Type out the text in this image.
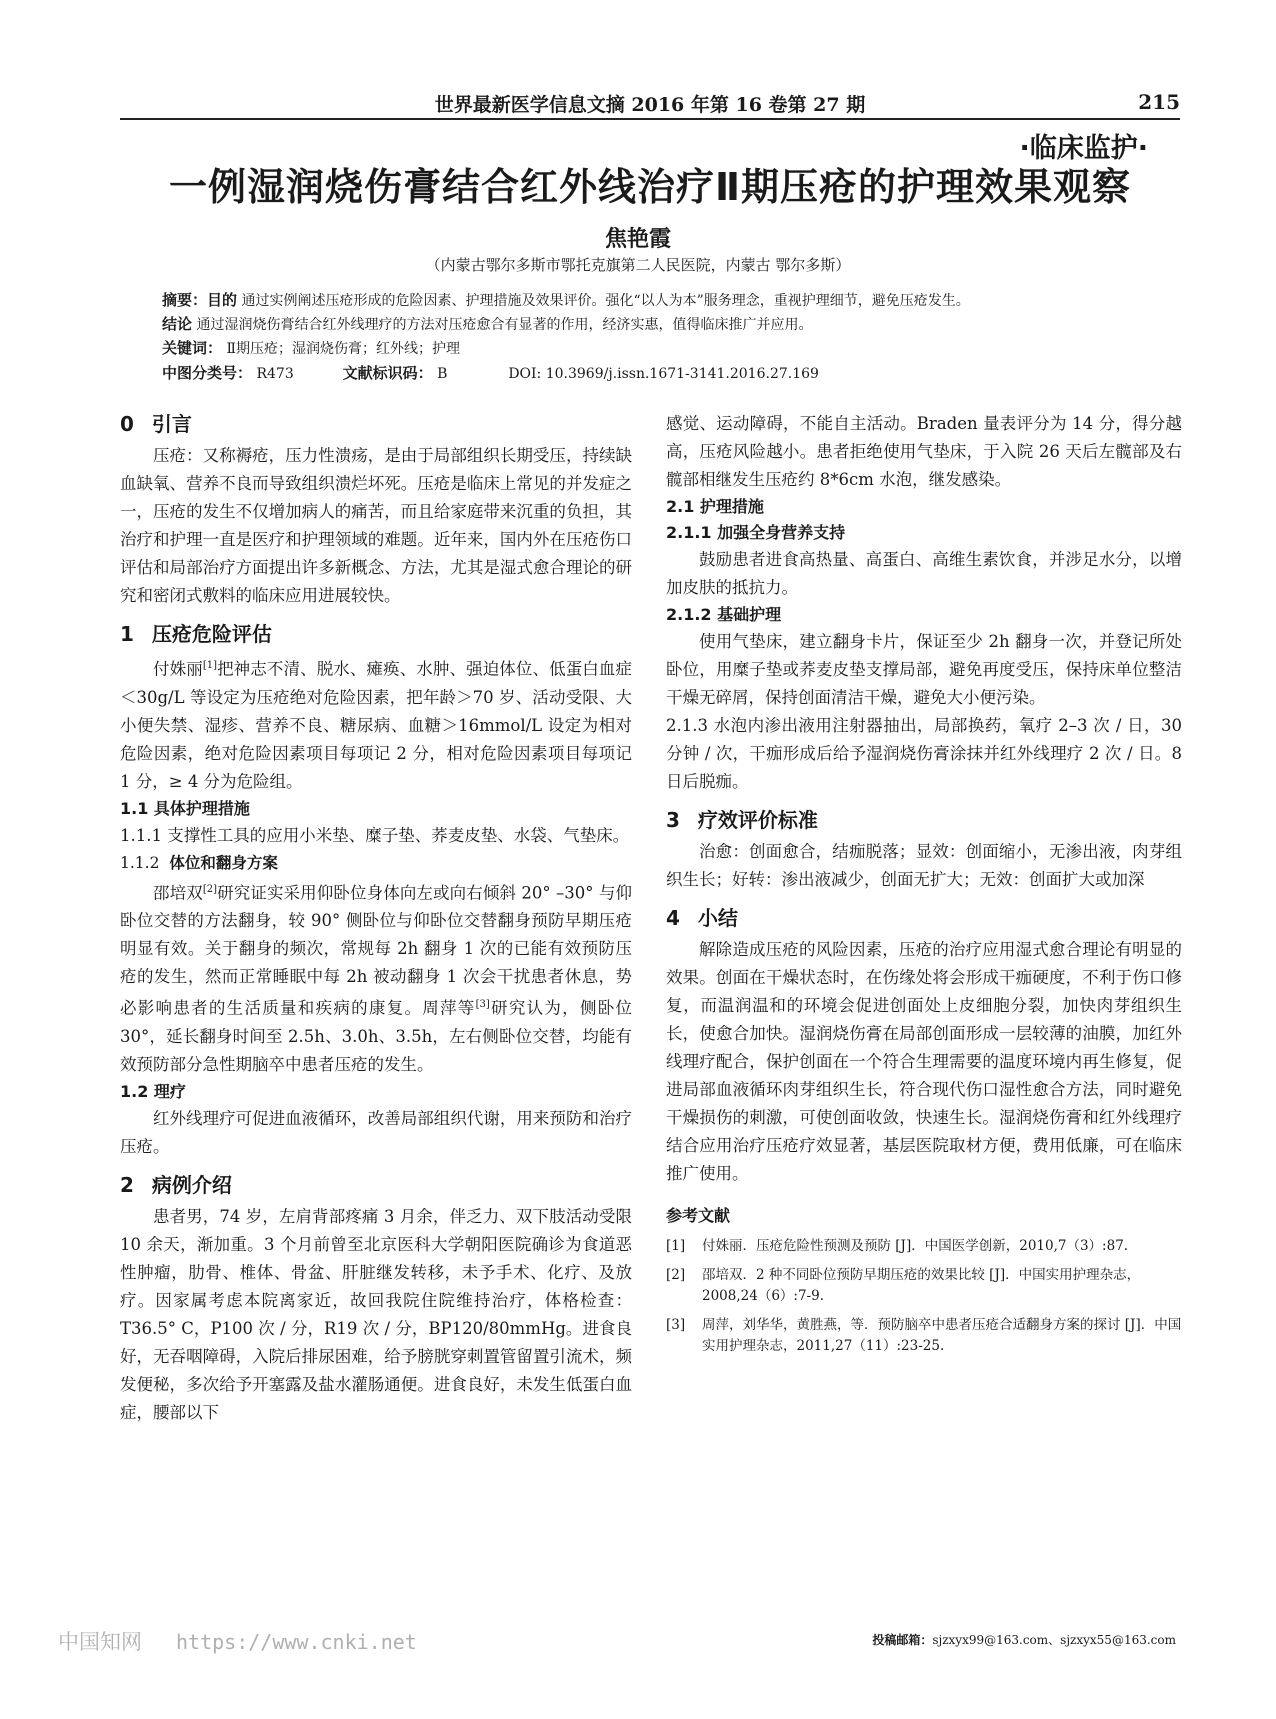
世界最新医学信息文摘 2016 年第 16 卷第 27 期	215
·临床监护·
一例湿润烧伤膏结合红外线治疗Ⅱ期压疮的护理效果观察
焦艳霞
（内蒙古鄂尔多斯市鄂托克旗第二人民医院，内蒙古 鄂尔多斯）
摘要：目的 通过实例阐述压疮形成的危险因素、护理措施及效果评价。强化“以人为本”服务理念，重视护理细节，避免压疮发生。
结论 通过湿润烧伤膏结合红外线理疗的方法对压疮愈合有显著的作用，经济实惠，值得临床推广并应用。
关键词： Ⅱ期压疮；湿润烧伤膏；红外线；护理
中图分类号： R473	文献标识码： B	DOI: 10.3969/j.issn.1671-3141.2016.27.169
0 引言

压疮：又称褥疮，压力性溃疡，是由于局部组织长期受压，持续缺血缺氧、营养不良而导致组织溃烂坏死。压疮是临床上常见的并发症之一，压疮的发生不仅增加病人的痛苦，而且给家庭带来沉重的负担，其治疗和护理一直是医疗和护理领域的难题。近年来，国内外在压疮伤口评估和局部治疗方面提出许多新概念、方法，尤其是湿式愈合理论的研究和密闭式敷料的临床应用进展较快。

1 压疮危险评估

付姝丽[1]把神志不清、脱水、瘫痪、水肿、强迫体位、低蛋白血症＜30g/L 等设定为压疮绝对危险因素，把年龄＞70 岁、活动受限、大小便失禁、湿疹、营养不良、糖尿病、血糖＞16mmol/L 设定为相对危险因素，绝对危险因素项目每项记 2 分，相对危险因素项目每项记 1 分，≥ 4 分为危险组。

1.1 具体护理措施

1.1.1 支撑性工具的应用小米垫、糜子垫、荞麦皮垫、水袋、气垫床。

1.1.2 体位和翻身方案

邵培双[2]研究证实采用仰卧位身体向左或向右倾斜 20° –30° 与仰卧位交替的方法翻身，较 90° 侧卧位与仰卧位交替翻身预防早期压疮明显有效。关于翻身的频次，常规每 2h 翻身 1 次的已能有效预防压疮的发生，然而正常睡眠中每 2h 被动翻身 1 次会干扰患者休息，势必影响患者的生活质量和疾病的康复。周萍等[3]研究认为，侧卧位 30°，延长翻身时间至 2.5h、3.0h、3.5h，左右侧卧位交替，均能有效预防部分急性期脑卒中患者压疮的发生。

1.2 理疗

红外线理疗可促进血液循环，改善局部组织代谢，用来预防和治疗压疮。

2 病例介绍

患者男，74 岁，左肩背部疼痛 3 月余，伴乏力、双下肢活动受限 10 余天，渐加重。3 个月前曾至北京医科大学朝阳医院确诊为食道恶性肿瘤，肋骨、椎体、骨盆、肝脏继发转移，未予手术、化疗、及放疗。因家属考虑本院离家近，故回我院住院维持治疗，体格检查：T36.5° C，P100 次 / 分，R19 次 / 分，BP120/80mmHg。进食良好，无吞咽障碍，入院后排尿困难，给予膀胱穿刺置管留置引流术，频发便秘，多次给予开塞露及盐水灌肠通便。进食良好，未发生低蛋白血症，腰部以下

感觉、运动障碍，不能自主活动。Braden 量表评分为 14 分，得分越高，压疮风险越小。患者拒绝使用气垫床，于入院 26 天后左髋部及右髋部相继发生压疮约 8*6cm 水泡，继发感染。

2.1 护理措施

2.1.1 加强全身营养支持

鼓励患者进食高热量、高蛋白、高维生素饮食，并涉足水分，以增加皮肤的抵抗力。

2.1.2 基础护理

使用气垫床，建立翻身卡片，保证至少 2h 翻身一次，并登记所处卧位，用糜子垫或荞麦皮垫支撑局部，避免再度受压，保持床单位整洁干燥无碎屑，保持创面清洁干燥，避免大小便污染。

2.1.3 水泡内渗出液用注射器抽出，局部换药，氧疗 2–3 次 / 日，30 分钟 / 次，干痂形成后给予湿润烧伤膏涂抹并红外线理疗 2 次 / 日。8 日后脱痂。

3 疗效评价标准

治愈：创面愈合，结痂脱落；显效：创面缩小，无渗出液，肉芽组织生长；好转：渗出液减少，创面无扩大；无效：创面扩大或加深

4 小结

解除造成压疮的风险因素，压疮的治疗应用湿式愈合理论有明显的效果。创面在干燥状态时，在伤缘处将会形成干痂硬度，不利于伤口修复，而温润温和的环境会促进创面处上皮细胞分裂，加快肉芽组织生长，使愈合加快。湿润烧伤膏在局部创面形成一层较薄的油膜，加红外线理疗配合，保护创面在一个符合生理需要的温度环境内再生修复，促进局部血液循环肉芽组织生长，符合现代伤口湿性愈合方法，同时避免干燥损伤的刺激，可使创面收敛，快速生长。湿润烧伤膏和红外线理疗结合应用治疗压疮疗效显著，基层医院取材方便，费用低廉，可在临床推广使用。

参考文献
[1]	付姝丽．压疮危险性预测及预防 [J]．中国医学创新，2010,7（3）:87.
[2]	邵培双．2 种不同卧位预防早期压疮的效果比较 [J]．中国实用护理杂志，2008,24（6）:7-9.
[3]	周萍，刘华华，黄胜燕，等．预防脑卒中患者压疮合适翻身方案的探讨 [J]．中国实用护理杂志，2011,27（11）:23-25.
中国知网 https://www.cnki.net	投稿邮箱：sjzxyx99@163.com、sjzxyx55@163.com
